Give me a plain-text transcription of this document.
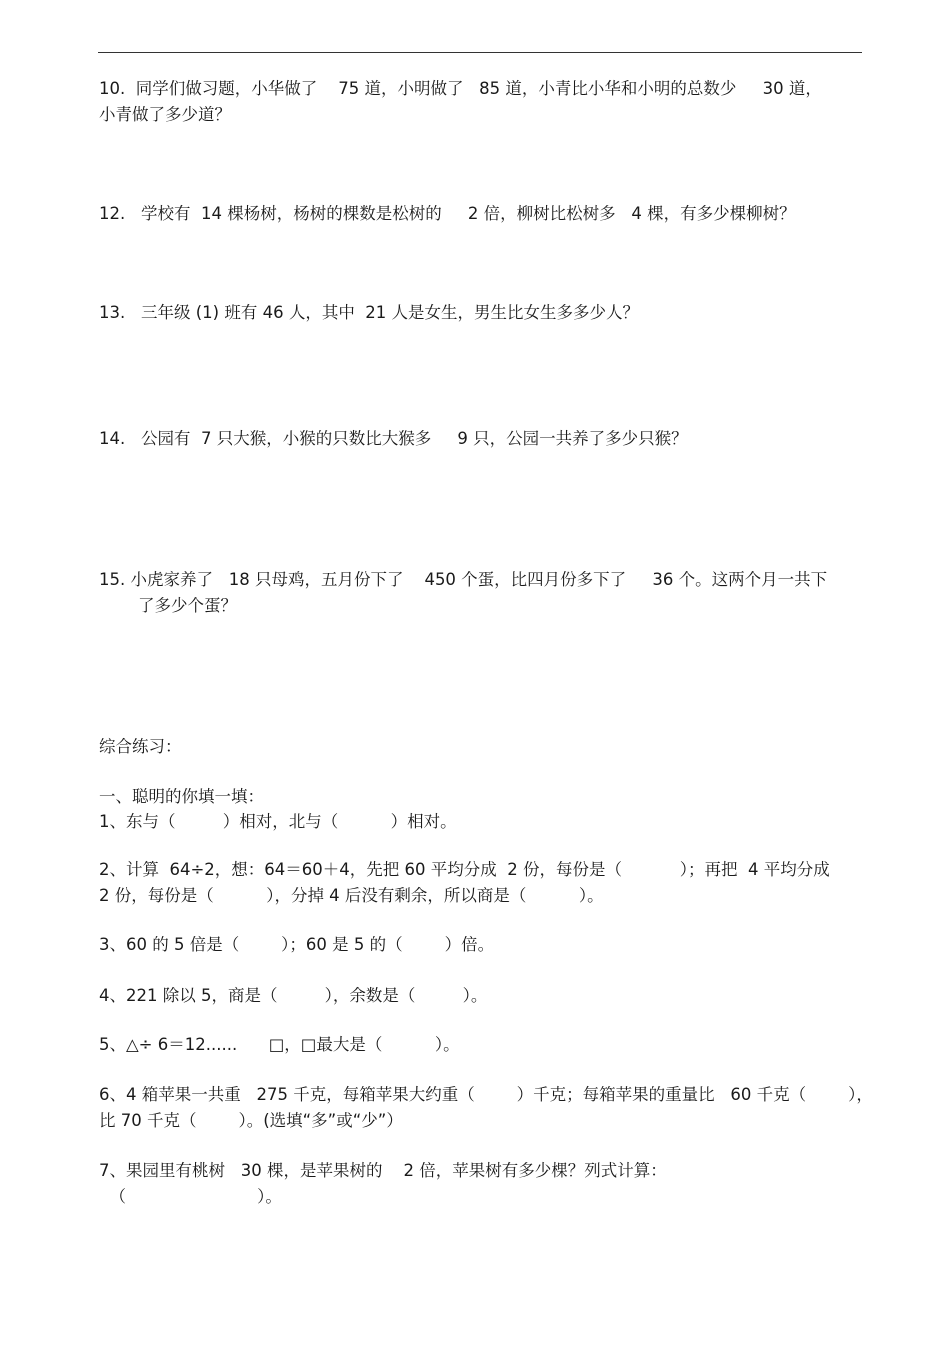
10.  同学们做习题，小华做了    75 道，小明做了   85 道，小青比小华和小明的总数少     30 道，
小青做了多少道？
12.   学校有  14 棵杨树，杨树的棵数是松树的     2 倍，柳树比松树多   4 棵，有多少棵柳树？
13.   三年级 (1) 班有 46 人，其中  21 人是女生，男生比女生多多少人？
14.   公园有  7 只大猴，小猴的只数比大猴多     9 只，公园一共养了多少只猴？
15. 小虎家养了   18 只母鸡，五月份下了    450 个蛋，比四月份多下了     36 个。这两个月一共下
了多少个蛋？
综合练习：
一、聪明的你填一填：
1、东与（         ）相对，北与（          ）相对。
2、计算  64÷2，想：64＝60＋4，先把 60 平均分成  2 份，每份是（           ）；再把  4 平均分成
2 份，每份是（          ），分掉 4 后没有剩余，所以商是（          ）。
3、60 的 5 倍是（        ）；60 是 5 的（        ）倍。
4、221 除以 5，商是（         ），余数是（         ）。
5、△÷ 6＝12......      □，□最大是（          ）。
6、4 箱苹果一共重   275 千克，每箱苹果大约重（        ）千克；每箱苹果的重量比   60 千克（        ），
比 70 千克（        ）。(选填“多”或“少”）
7、果园里有桃树   30 棵，是苹果树的    2 倍，苹果树有多少棵？列式计算：
（                         ）。
